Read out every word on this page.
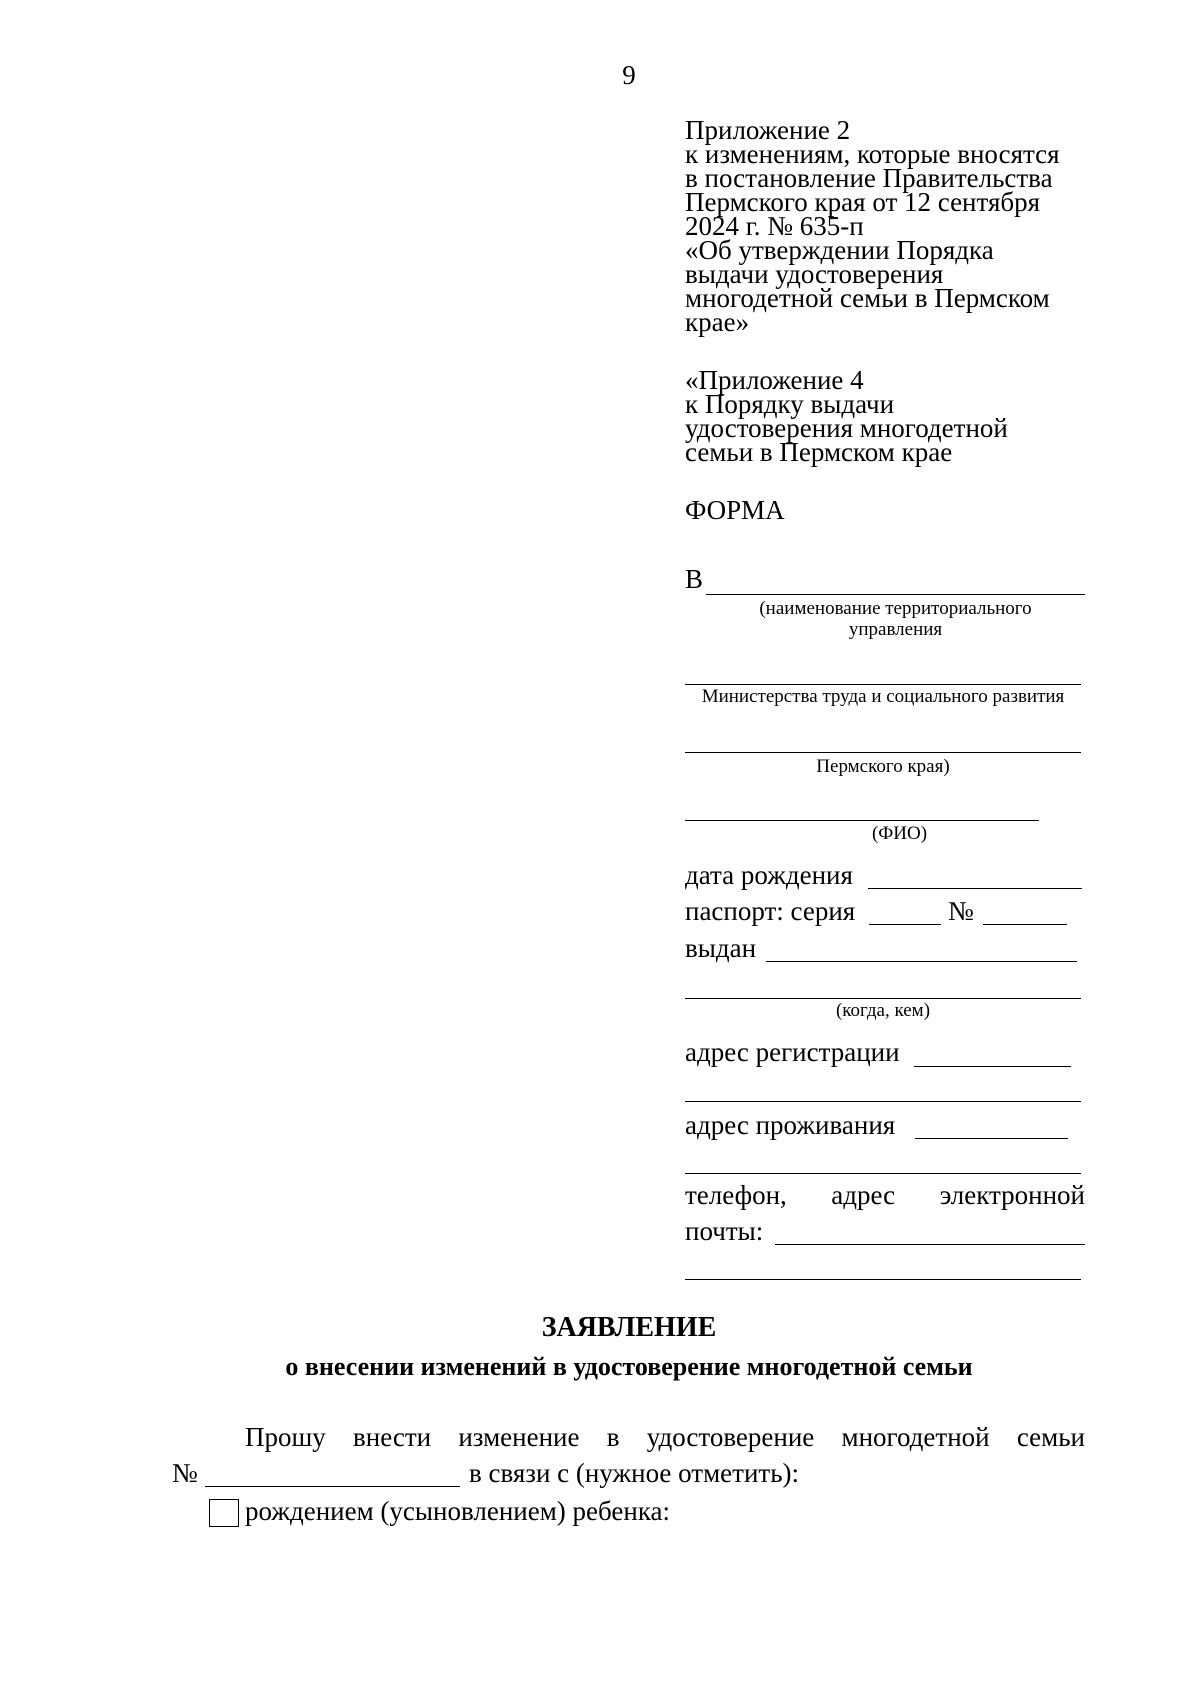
9
Приложение 2
к изменениям, которые вносятся
в постановление Правительства
Пермского края от 12 сентября
2024 г. № 635-п
«Об утверждении Порядка
выдачи удостоверения
многодетной семьи в Пермском
крае»
«Приложение 4
к Порядку выдачи
удостоверения многодетной
семьи в Пермском крае
ФОРМА
В
(наименование территориального
управления
Министерства труда и социального развития
Пермского края)
(ФИО)
дата рождения
паспорт: серия	№
выдан
(когда, кем)
адрес регистрации
адрес проживания
телефон, адрес электронной
почты:
ЗАЯВЛЕНИЕ
о внесении изменений в удостоверение многодетной семьи
Прошу внести изменение в удостоверение многодетной семьи
№	в связи с (нужное отметить):
рождением (усыновлением) ребенка:
